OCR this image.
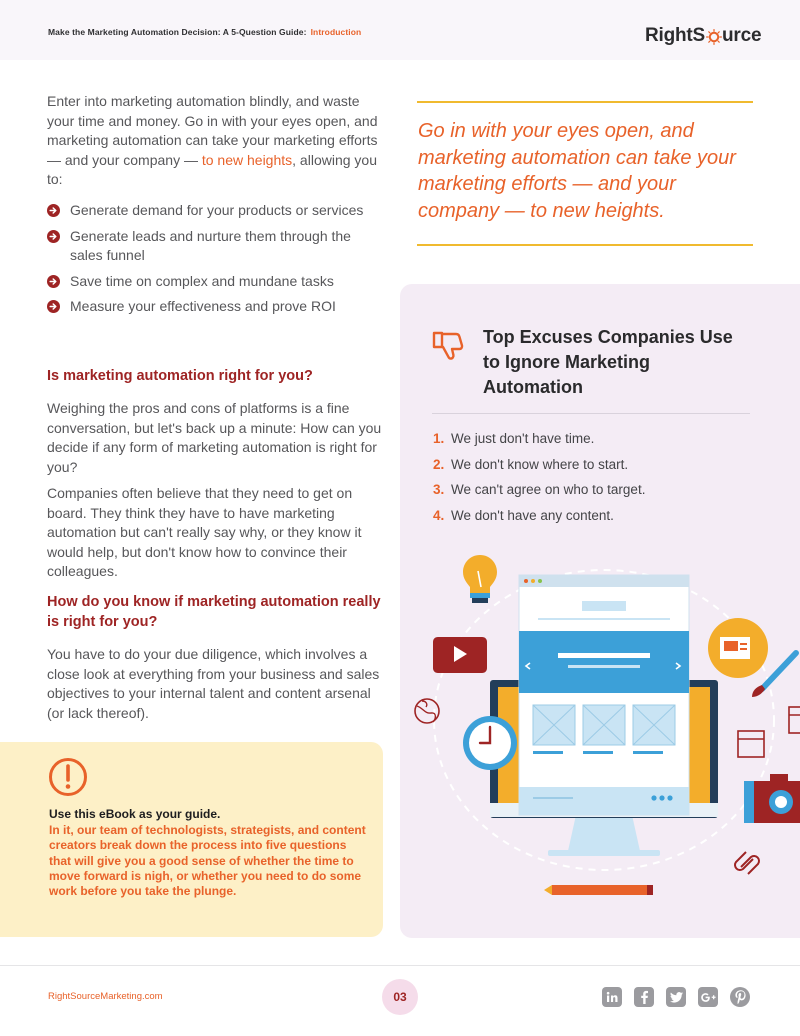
Make the Marketing Automation Decision: A 5-Question Guide: Introduction	RightS urce

Enter into marketing automation blindly, and waste your time and money. Go in with your eyes open, and marketing automation can take your marketing efforts — and your company — to new heights, allowing you to:

Generate demand for your products or services
Generate leads and nurture them through the sales funnel
Save time on complex and mundane tasks
Measure your effectiveness and prove ROI
Is marketing automation right for you?

Weighing the pros and cons of platforms is a fine conversation, but let's back up a minute: How can you decide if any form of marketing automation is right for you?

Companies often believe that they need to get on board. They think they have to have marketing automation but can't really say why, or they know it would help, but don't know how to convince their colleagues.

How do you know if marketing automation really is right for you?

You have to do your due diligence, which involves a close look at everything from your business and sales objectives to your internal talent and content arsenal (or lack thereof).

Go in with your eyes open, and marketing automation can take your marketing efforts — and your company — to new heights.

Top Excuses Companies Use to Ignore Marketing Automation
1. We just don't have time.
2. We don't know where to start.
3. We can't agree on who to target.
4. We don't have any content.

Use this eBook as your guide.

In it, our team of technologists, strategists, and content creators break down the process into five questions that will give you a good sense of whether the time to move forward is nigh, or whether you need to do some work before you take the plunge.

RightSourceMarketing.com	03
